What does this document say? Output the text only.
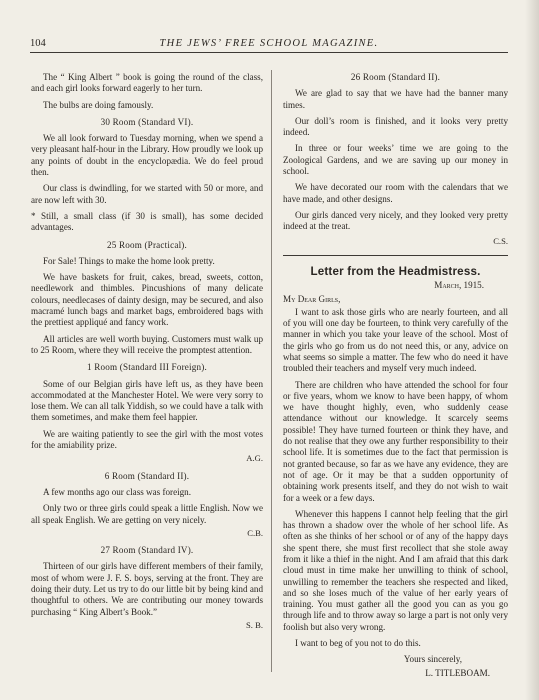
104	THE JEWS’ FREE SCHOOL MAGAZINE.

The “ King Albert ” book is going the round of the class, and each girl looks forward eagerly to her turn.

The bulbs are doing famously.

30 Room (Standard VI).

We all look forward to Tuesday morning, when we spend a very pleasant half-hour in the Library. How proudly we look up any points of doubt in the encyclopædia. We do feel proud then.

Our class is dwindling, for we started with 50 or more, and are now left with 30.

* Still, a small class (if 30 is small), has some decided advantages.

25 Room (Practical).

For Sale! Things to make the home look pretty.

We have baskets for fruit, cakes, bread, sweets, cotton, needlework and thimbles. Pincushions of many delicate colours, needlecases of dainty design, may be secured, and also macramé lunch bags and market bags, embroidered bags with the prettiest appliqué and fancy work.

All articles are well worth buying. Customers must walk up to 25 Room, where they will receive the promptest attention.

1 Room (Standard III Foreign).

Some of our Belgian girls have left us, as they have been accommodated at the Manchester Hotel. We were very sorry to lose them. We can all talk Yiddish, so we could have a talk with them sometimes, and make them feel happier.

We are waiting patiently to see the girl with the most votes for the amiability prize.

A.G.
6 Room (Standard II).

A few months ago our class was foreign.

Only two or three girls could speak a little English. Now we all speak English. We are getting on very nicely.

C.B.
27 Room (Standard IV).

Thirteen of our girls have different members of their family, most of whom were J. F. S. boys, serving at the front. They are doing their duty. Let us try to do our little bit by being kind and thoughtful to others. We are contributing our money towards purchasing “ King Albert’s Book.”

S. B.
26 Room (Standard II).

We are glad to say that we have had the banner many times.

Our doll’s room is finished, and it looks very pretty indeed.

In three or four weeks’ time we are going to the Zoological Gardens, and we are saving up our money in school.

We have decorated our room with the calendars that we have made, and other designs.

Our girls danced very nicely, and they looked very pretty indeed at the treat.

C.S.
Letter from the Headmistress.
March, 1915.
My Dear Girls,

I want to ask those girls who are nearly fourteen, and all of you will one day be fourteen, to think very carefully of the manner in which you take your leave of the school. Most of the girls who go from us do not need this, or any, advice on what seems so simple a matter. The few who do need it have troubled their teachers and myself very much indeed.

There are children who have attended the school for four or five years, whom we know to have been happy, of whom we have thought highly, even, who suddenly cease attendance without our knowledge. It scarcely seems possible! They have turned fourteen or think they have, and do not realise that they owe any further responsibility to their school life. It is sometimes due to the fact that permission is not granted because, so far as we have any evidence, they are not of age. Or it may be that a sudden opportunity of obtaining work presents itself, and they do not wish to wait for a week or a few days.

Whenever this happens I cannot help feeling that the girl has thrown a shadow over the whole of her school life. As often as she thinks of her school or of any of the happy days she spent there, she must first recollect that she stole away from it like a thief in the night. And I am afraid that this dark cloud must in time make her unwilling to think of school, unwilling to remember the teachers she respected and liked, and so she loses much of the value of her early years of training. You must gather all the good you can as you go through life and to throw away so large a part is not only very foolish but also very wrong.

I want to beg of you not to do this.

Yours sincerely,
L. TITLEBOAM.
